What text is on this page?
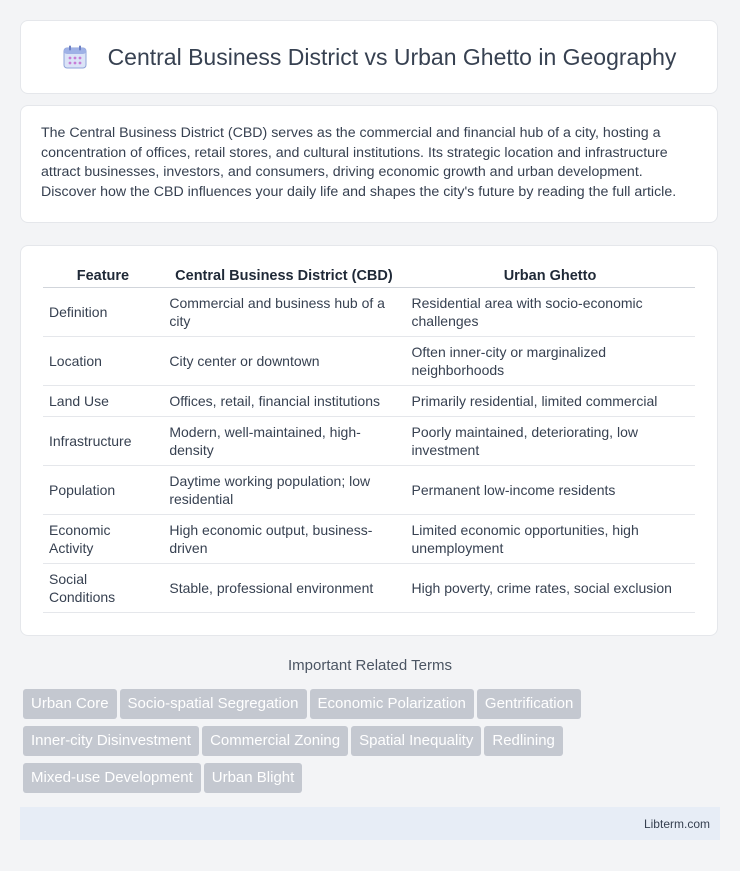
Central Business District vs Urban Ghetto in Geography

The Central Business District (CBD) serves as the commercial and financial hub of a city, hosting a concentration of offices, retail stores, and cultural institutions. Its strategic location and infrastructure attract businesses, investors, and consumers, driving economic growth and urban development. Discover how the CBD influences your daily life and shapes the city's future by reading the full article.

Feature	Central Business District (CBD)	Urban Ghetto
Definition	Commercial and business hub of a city	Residential area with socio-economic challenges
Location	City center or downtown	Often inner-city or marginalized neighborhoods
Land Use	Offices, retail, financial institutions	Primarily residential, limited commercial
Infrastructure	Modern, well-maintained, high-density	Poorly maintained, deteriorating, low investment
Population	Daytime working population; low residential	Permanent low-income residents
Economic Activity	High economic output, business-driven	Limited economic opportunities, high unemployment
Social Conditions	Stable, professional environment	High poverty, crime rates, social exclusion
Important Related Terms
Urban Core Socio-spatial Segregation Economic Polarization Gentrification
Inner-city Disinvestment Commercial Zoning Spatial Inequality Redlining
Mixed-use Development Urban Blight
Libterm.com
